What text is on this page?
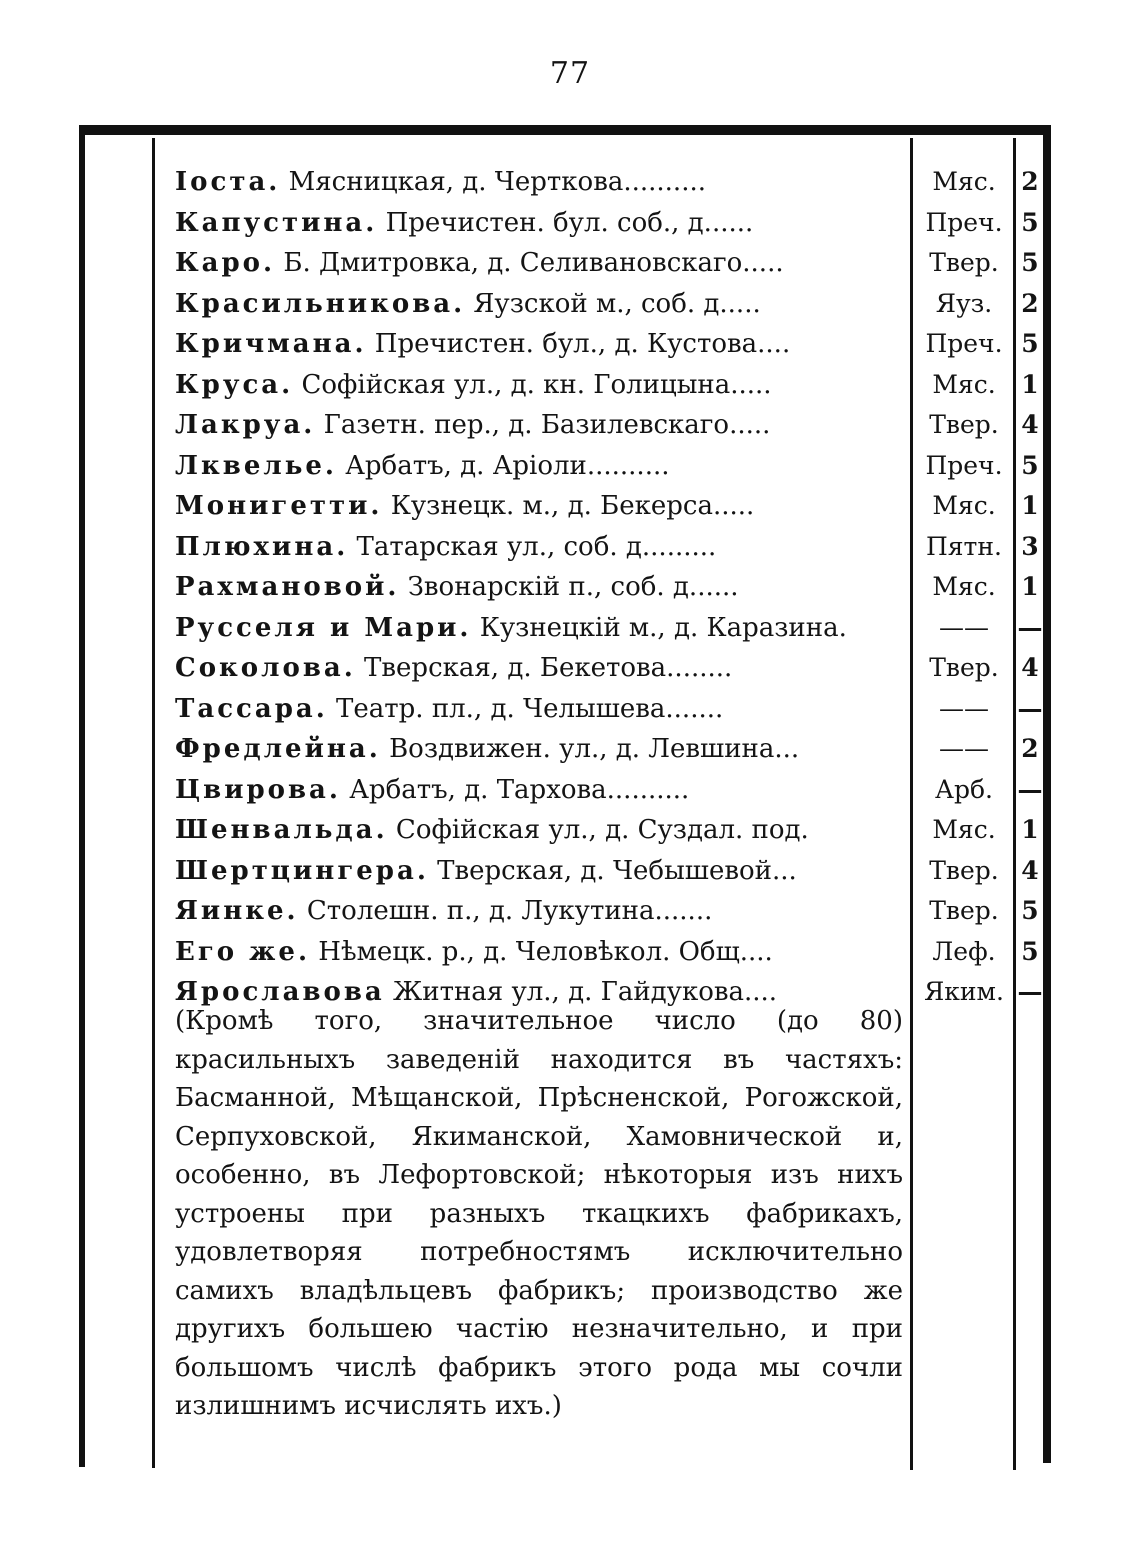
77
Іоста. Мясницкая, д. Черткова..........	Мяс.	2
Капустина. Пречистен. бул. соб., д......	Преч. 5
Каро. Б. Дмитровка, д. Селивановскаго.....	Твер. 5
Красильникова. Яузской м., соб. д.....	Яуз.	2
Кричмана. Пречистен. бул., д. Кустова....	Преч. 5
Круса. Софійская ул., д. кн. Голицына.....	Мяс.	1
Лакруа. Газетн. пер., д. Базилевскаго.....	Твер. 4
Лквелье. Арбатъ, д. Аріоли..........	Преч. 5
Монигетти. Кузнецк. м., д. Бекерса.....	Мяс.	1
Плюхина. Татарская ул., соб. д.........	Пятн. 3
Рахмановой. Звонарскій п., соб. д......	Мяс.	1
Русселя и Мари. Кузнецкій м., д. Каразина.	——	—
Соколова. Тверская, д. Бекетова........	Твер. 4
Тассара. Театр. пл., д. Челышева.......	——	—
Фредлейна. Воздвижен. ул., д. Левшина...	——	2
Цвирова. Арбатъ, д. Тархова..........	Арб. —
Шенвальда. Софійская ул., д. Суздал. под.	Мяс.	1
Шертцингера. Тверская, д. Чебышевой...	Твер. 4
Яинке. Столешн. п., д. Лукутина.......	Твер. 5
Его же. Нѣмецк. р., д. Человѣкол. Общ....	Леф.	5
Ярославова Житная ул., д. Гайдукова....	Яким. —
(Кромѣ того, значительное число (до 80) красильныхъ заведеній находится въ частяхъ: Басманной, Мѣщанской, Прѣсненской, Рогожской, Серпуховской, Якиманской, Хамовнической и, особенно, въ Лефортовской; нѣкоторыя изъ нихъ устроены при разныхъ ткацкихъ фабрикахъ, удовлетворяя потребностямъ исключительно самихъ владѣльцевъ фабрикъ; производство же другихъ большею частію незначительно, и при большомъ числѣ фабрикъ этого рода мы сочли излишнимъ исчислять ихъ.)
